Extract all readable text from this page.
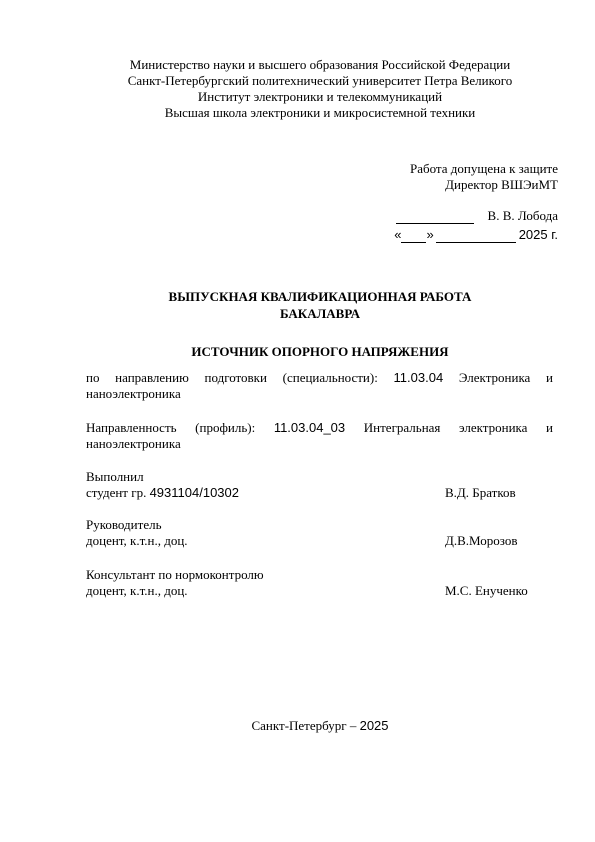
Министерство науки и высшего образования Российской Федерации
Санкт-Петербургский политехнический университет Петра Великого
Институт электроники и телекоммуникаций
Высшая школа электроники и микросистемной техники
Работа допущена к защите
Директор ВШЭиМТ
В. В. Лобода
« »	2025 г.
ВЫПУСКНАЯ КВАЛИФИКАЦИОННАЯ РАБОТА
БАКАЛАВРА
ИСТОЧНИК ОПОРНОГО НАПРЯЖЕНИЯ
по направлению подготовки (специальности): 11.03.04 Электроника и
наноэлектроника
Направленность (профиль): 11.03.04_03 Интегральная электроника и
наноэлектроника
Выполнил
студент гр. 4931104/10302	В.Д. Братков
Руководитель
доцент, к.т.н., доц.	Д.В.Морозов
Консультант по нормоконтролю
доцент, к.т.н., доц.	М.С. Енученко
Санкт-Петербург – 2025
